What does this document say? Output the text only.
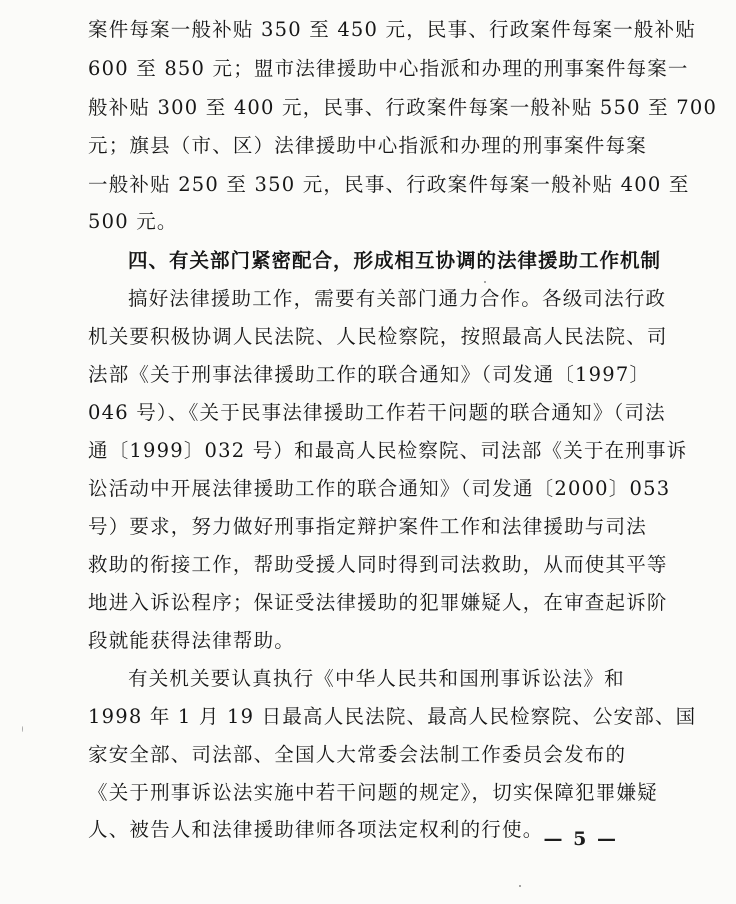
案件每案一般补贴 350 至 450 元，民事、行政案件每案一般补贴
600 至 850 元；盟市法律援助中心指派和办理的刑事案件每案一
般补贴 300 至 400 元，民事、行政案件每案一般补贴 550 至 700
元；旗县（市、区）法律援助中心指派和办理的刑事案件每案
一般补贴 250 至 350 元，民事、行政案件每案一般补贴 400 至
500 元。
四、有关部门紧密配合，形成相互协调的法律援助工作机制
搞好法律援助工作，需要有关部门通力合作。各级司法行政
机关要积极协调人民法院、人民检察院，按照最高人民法院、司
法部《关于刑事法律援助工作的联合通知》（司发通〔1997〕
046 号）、《关于民事法律援助工作若干问题的联合通知》（司法
通〔1999〕032 号）和最高人民检察院、司法部《关于在刑事诉
讼活动中开展法律援助工作的联合通知》（司发通〔2000〕053
号）要求，努力做好刑事指定辩护案件工作和法律援助与司法
救助的衔接工作，帮助受援人同时得到司法救助，从而使其平等
地进入诉讼程序；保证受法律援助的犯罪嫌疑人，在审查起诉阶
段就能获得法律帮助。
有关机关要认真执行《中华人民共和国刑事诉讼法》和
1998 年 1 月 19 日最高人民法院、最高人民检察院、公安部、国
家安全部、司法部、全国人大常委会法制工作委员会发布的
《关于刑事诉讼法实施中若干问题的规定》，切实保障犯罪嫌疑
人、被告人和法律援助律师各项法定权利的行使。 — 5 —
